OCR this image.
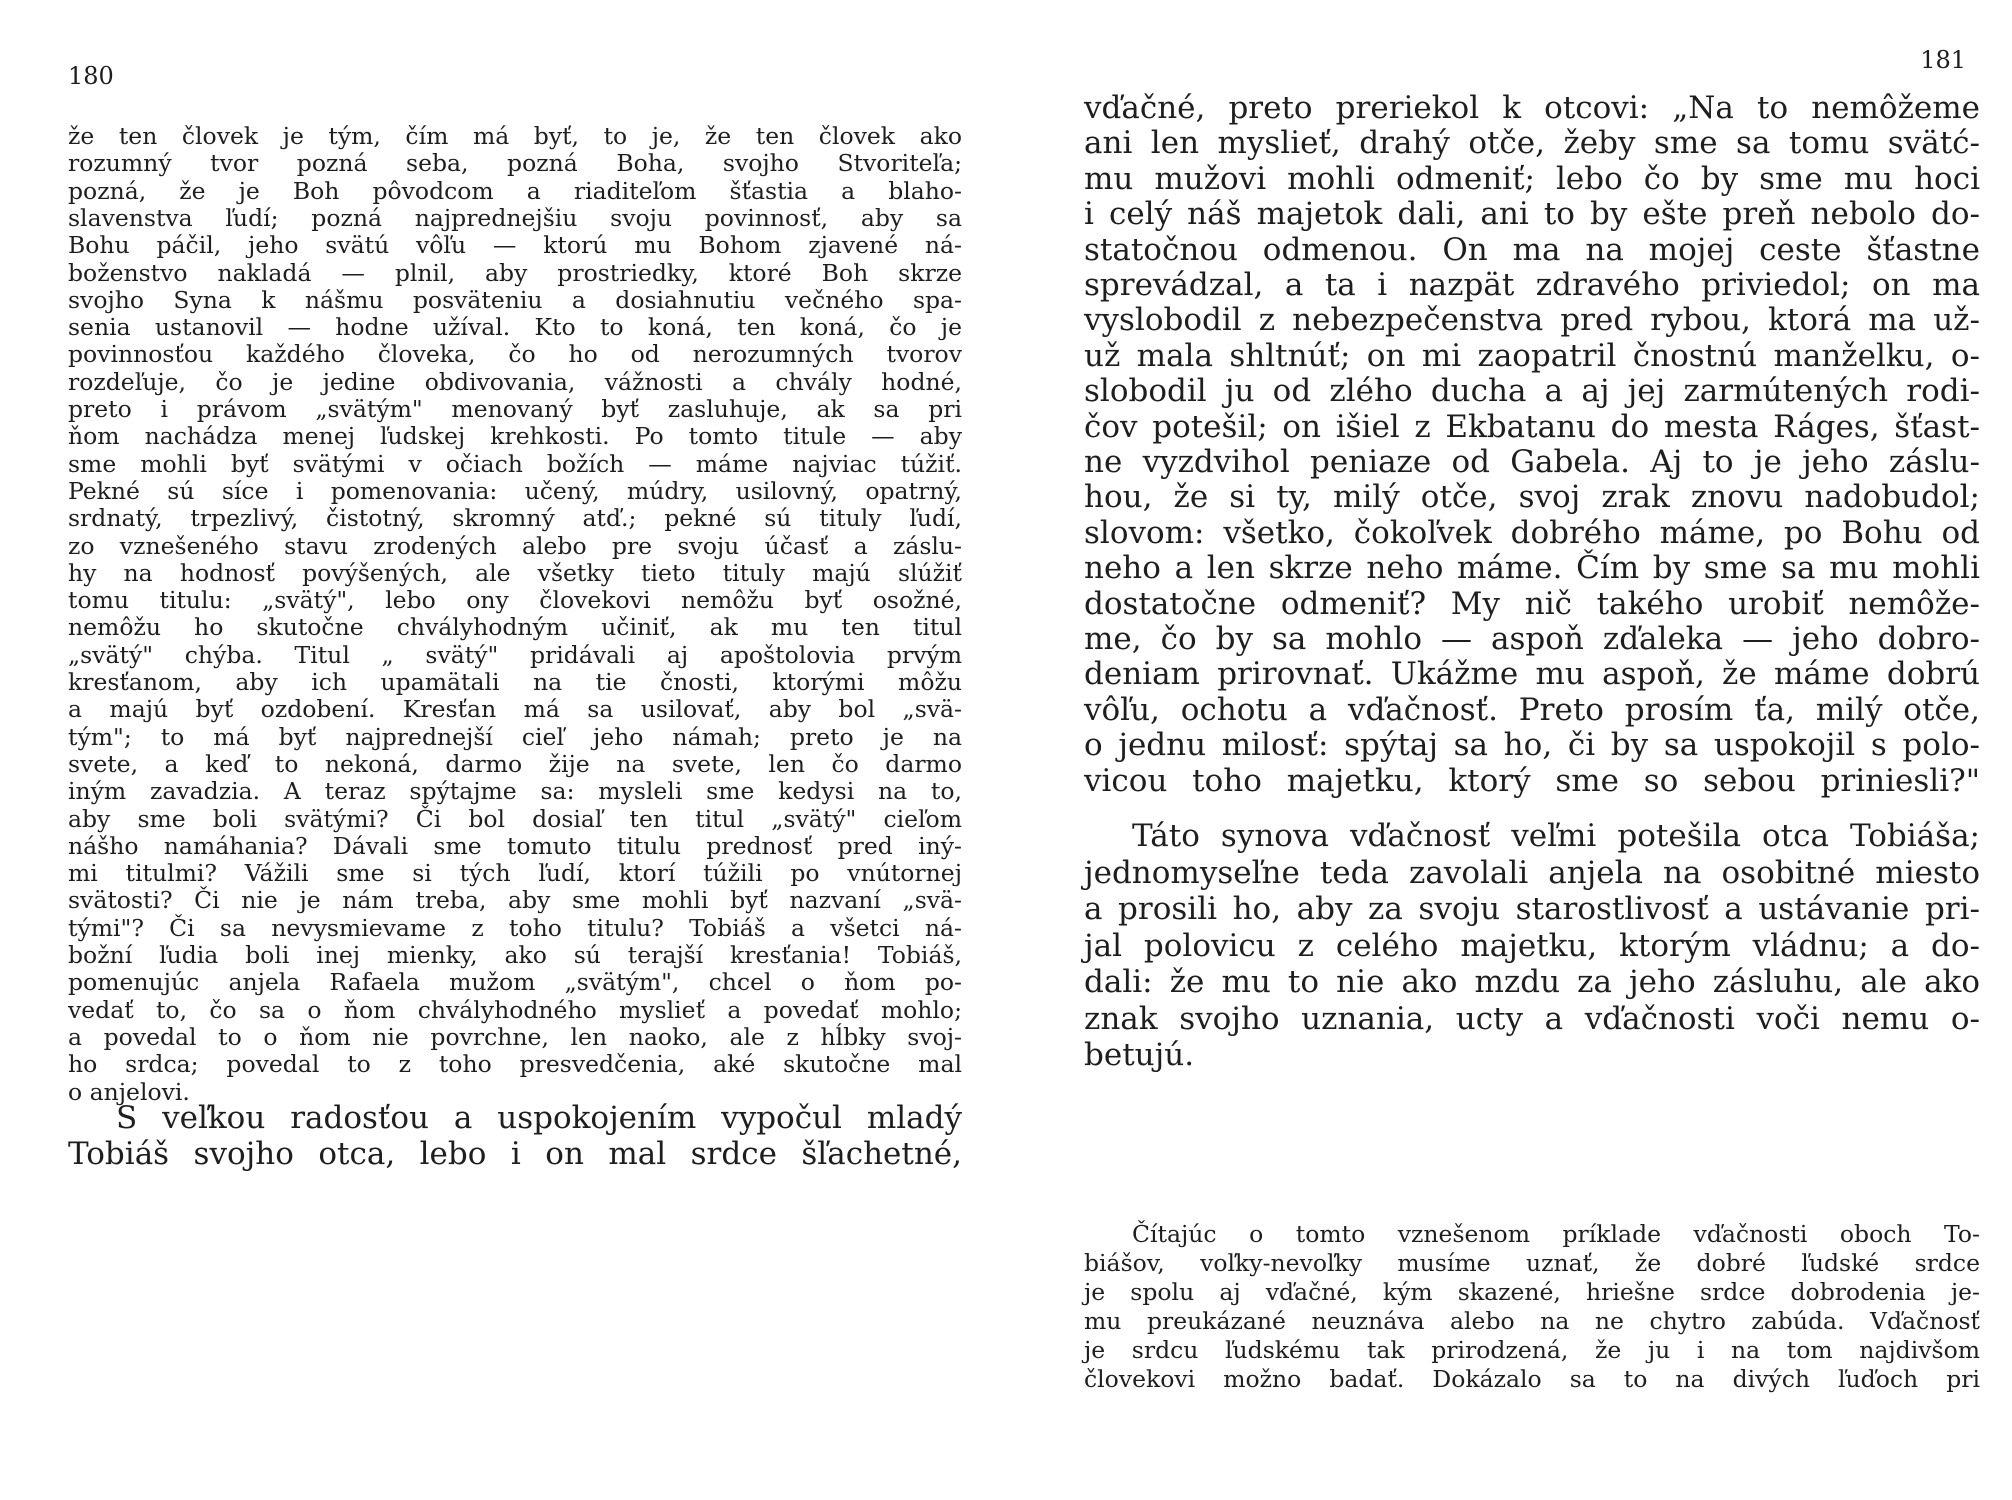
180
že ten človek je tým, čím má byť, to je, že ten človek ako
rozumný tvor pozná seba, pozná Boha, svojho Stvoriteľa;
pozná, že je Boh pôvodcom a riaditeľom šťastia a blaho-
slavenstva ľudí; pozná najprednejšiu svoju povinnosť, aby sa
Bohu páčil, jeho svätú vôľu — ktorú mu Bohom zjavené ná-
boženstvo nakladá — plnil, aby prostriedky, ktoré Boh skrze
svojho Syna k nášmu posväteniu a dosiahnutiu večného spa-
senia ustanovil — hodne užíval. Kto to koná, ten koná, čo je
povinnosťou každého človeka, čo ho od nerozumných tvorov
rozdeľuje, čo je jedine obdivovania, vážnosti a chvály hodné,
preto i právom „svätým" menovaný byť zasluhuje, ak sa pri
ňom nachádza menej ľudskej krehkosti. Po tomto titule — aby
sme mohli byť svätými v očiach božích — máme najviac túžiť.
Pekné sú síce i pomenovania: učený, múdry, usilovný, opatrný,
srdnatý, trpezlivý, čistotný, skromný atď.; pekné sú tituly ľudí,
zo vznešeného stavu zrodených alebo pre svoju účasť a záslu-
hy na hodnosť povýšených, ale všetky tieto tituly majú slúžiť
tomu titulu: „svätý", lebo ony človekovi nemôžu byť osožné,
nemôžu ho skutočne chvályhodným učiniť, ak mu ten titul
„svätý" chýba. Titul „ svätý" pridávali aj apoštolovia prvým
kresťanom, aby ich upamätali na tie čnosti, ktorými môžu
a majú byť ozdobení. Kresťan má sa usilovať, aby bol „svä-
tým"; to má byť najprednejší cieľ jeho námah; preto je na
svete, a keď to nekoná, darmo žije na svete, len čo darmo
iným zavadzia. A teraz spýtajme sa: mysleli sme kedysi na to,
aby sme boli svätými? Či bol dosiaľ ten titul „svätý" cieľom
nášho namáhania? Dávali sme tomuto titulu prednosť pred iný-
mi titulmi? Vážili sme si tých ľudí, ktorí túžili po vnútornej
svätosti? Či nie je nám treba, aby sme mohli byť nazvaní „svä-
tými"? Či sa nevysmievame z toho titulu? Tobiáš a všetci ná-
božní ľudia boli inej mienky, ako sú terajší kresťania! Tobiáš,
pomenujúc anjela Rafaela mužom „svätým", chcel o ňom po-
vedať to, čo sa o ňom chvályhodného myslieť a povedať mohlo;
a povedal to o ňom nie povrchne, len naoko, ale z hĺbky svoj-
ho srdca; povedal to z toho presvedčenia, aké skutočne mal
o anjelovi.
S veľkou radosťou a uspokojením vypočul mladý
Tobiáš svojho otca, lebo i on mal srdce šľachetné,
181
vďačné, preto preriekol k otcovi: „Na to nemôžeme
ani len myslieť, drahý otče, žeby sme sa tomu svätć-
mu mužovi mohli odmeniť; lebo čo by sme mu hoci
i celý náš majetok dali, ani to by ešte preň nebolo do-
statočnou odmenou. On ma na mojej ceste šťastne
sprevádzal, a ta i nazpät zdravého priviedol; on ma
vyslobodil z nebezpečenstva pred rybou, ktorá ma už-
už mala shltnúť; on mi zaopatril čnostnú manželku, o-
slobodil ju od zlého ducha a aj jej zarmútených rodi-
čov potešil; on išiel z Ekbatanu do mesta Ráges, šťast-
ne vyzdvihol peniaze od Gabela. Aj to je jeho záslu-
hou, že si ty, milý otče, svoj zrak znovu nadobudol;
slovom: všetko, čokoľvek dobrého máme, po Bohu od
neho a len skrze neho máme. Čím by sme sa mu mohli
dostatočne odmeniť? My nič takého urobiť nemôže-
me, čo by sa mohlo — aspoň zďaleka — jeho dobro-
deniam prirovnať. Ukážme mu aspoň, že máme dobrú
vôľu, ochotu a vďačnosť. Preto prosím ťa, milý otče,
o jednu milosť: spýtaj sa ho, či by sa uspokojil s polo-
vicou toho majetku, ktorý sme so sebou priniesli?"
Táto synova vďačnosť veľmi potešila otca Tobiáša;
jednomyseľne teda zavolali anjela na osobitné miesto
a prosili ho, aby za svoju starostlivosť a ustávanie pri-
jal polovicu z celého majetku, ktorým vládnu; a do-
dali: že mu to nie ako mzdu za jeho zásluhu, ale ako
znak svojho uznania, ucty a vďačnosti voči nemu o-
betujú.
Čítajúc o tomto vznešenom príklade vďačnosti oboch To-
biášov, voľky-nevoľky musíme uznať, že dobré ľudské srdce
je spolu aj vďačné, kým skazené, hriešne srdce dobrodenia je-
mu preukázané neuznáva alebo na ne chytro zabúda. Vďačnosť
je srdcu ľudskému tak prirodzená, že ju i na tom najdivšom
človekovi možno badať. Dokázalo sa to na divých ľuďoch pri
